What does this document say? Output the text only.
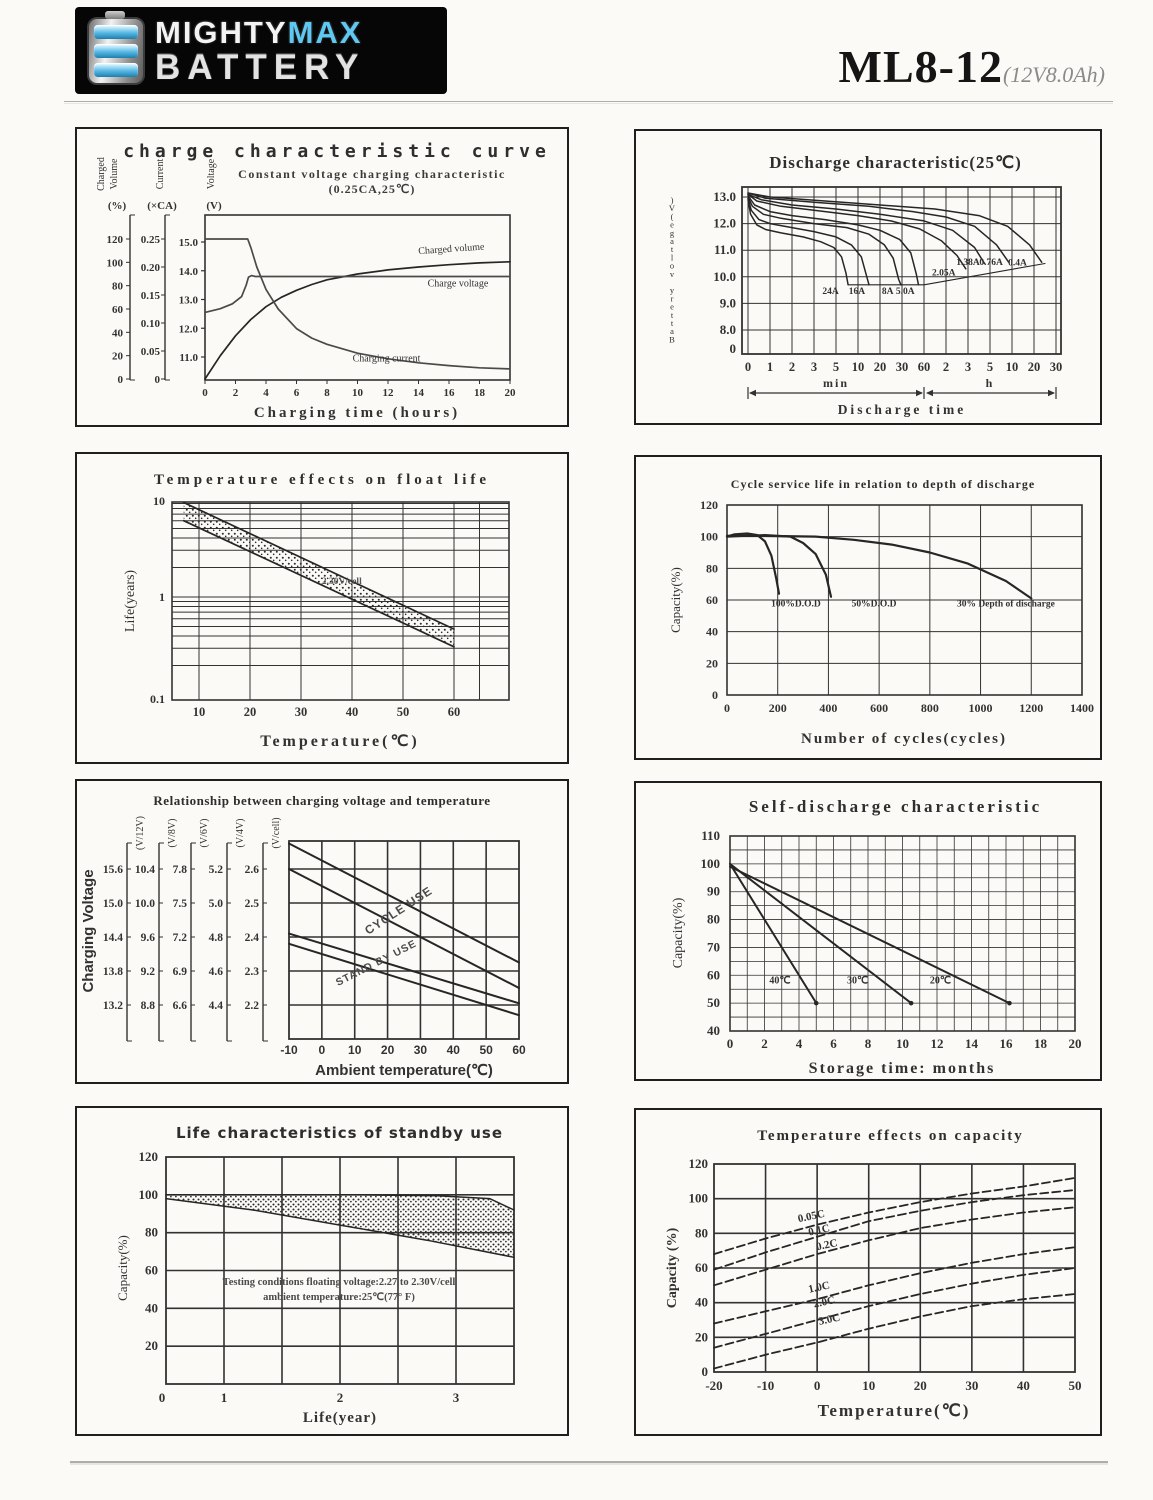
MIGHTYMAX
BATTERY	ML8-12(12V8.0Ah)
charge characteristic curve
Constant voltage charging characteristic
(0.25CA,25℃)
15.0
14.0
13.0
12.0
11.0
120
100
80
60
40
20
0
0.25
0.20
0.15
0.10
0.05
0
(%) (×CA)	(V)
Charged Volume	Current	Voltage
0 2 4 6 8 10 12 14 16 18 20
Charging time (hours)
Charged volume
Charge voltage
Charging current
Discharge characteristic(25℃)
0 1 2 3 5 10 20 30 60 2 3 5 10 20 30
13.0
12.0
11.0
10.0
9.0
8.0
0
)
V
(
e
g
a
t
l
o
v
y
r
e
t
t
a
B
24A 16A 8A 5.0A
2.05A
1.38A 0.76A 0.4A
min	h
Discharge time
Temperature effects on float life
10
1
0.1
10	20	30	40	50	60
Temperature(℃)
Life(years)	2.30V/cell
Cycle service life in relation to depth of discharge
200	400	600	800 1000 1200 1400
0
120
100
80
60
40
20
0
Number of cycles(cycles)
Capacity(%)	100%D.O.D	50%D.O.D	30% Depth of discharge
Relationship between charging voltage and temperature
15.6
15.0
14.4
13.8
13.2
(V/12V)
10.4
10.0
9.6
9.2
8.8
(V/8V)
7.8
7.5
7.2
6.9
6.6
(V/6V)
5.2
5.0
4.8
4.6
4.4
(V/4V)
2.6
2.5
2.4
2.3
2.2
(V/cell)
Charging Voltage
-10 0 10 20 30 40 50 60
Ambient temperature(℃)
CYCLE USE
STAND BY USE
Self-discharge characteristic
110
100
90
80
70
60
50
40
0 2 4 6 8 10 12 14 16 18 20
Capacity(%)
Storage time: months
40℃	30℃	20℃
Life characteristics of standby use
120
100
80
60
40
20
0	1	2	3
Life(year)
Capacity(%)	Testing conditions floating voltage:2.27 to 2.30V/cell
ambient temperature:25℃(77° F)
Temperature effects on capacity
120
100
80
60
40
20
0
-20	-10	0	10	20	30	40	50
Temperature(℃)
Capacity (%)
0.05C
0.1C
0.2C
1.0C
2.0C
3.0C
